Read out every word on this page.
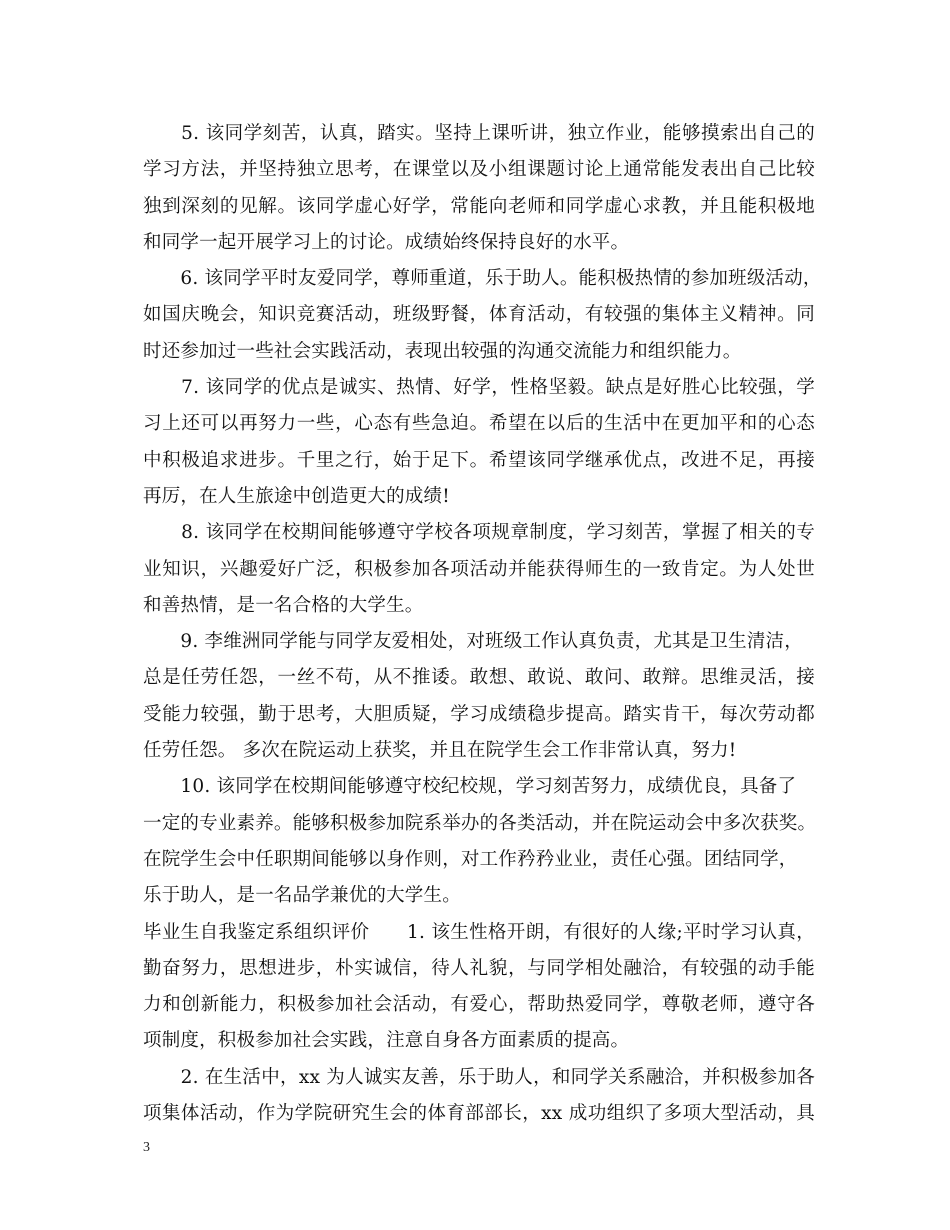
　　5. 该同学刻苦，认真，踏实。坚持上课听讲，独立作业，能够摸索出自己的
学习方法，并坚持独立思考，在课堂以及小组课题讨论上通常能发表出自己比较
独到深刻的见解。该同学虚心好学，常能向老师和同学虚心求教，并且能积极地
和同学一起开展学习上的讨论。成绩始终保持良好的水平。
　　6. 该同学平时友爱同学，尊师重道，乐于助人。能积极热情的参加班级活动，
如国庆晚会，知识竞赛活动，班级野餐，体育活动，有较强的集体主义精神。同
时还参加过一些社会实践活动，表现出较强的沟通交流能力和组织能力。
　　7. 该同学的优点是诚实、热情、好学，性格坚毅。缺点是好胜心比较强，学
习上还可以再努力一些，心态有些急迫。希望在以后的生活中在更加平和的心态
中积极追求进步。千里之行，始于足下。希望该同学继承优点，改进不足，再接
再厉，在人生旅途中创造更大的成绩!
　　8. 该同学在校期间能够遵守学校各项规章制度，学习刻苦，掌握了相关的专
业知识，兴趣爱好广泛，积极参加各项活动并能获得师生的一致肯定。为人处世
和善热情，是一名合格的大学生。
　　9. 李维洲同学能与同学友爱相处，对班级工作认真负责，尤其是卫生清洁，
总是任劳任怨，一丝不苟，从不推诿。敢想、敢说、敢问、敢辩。思维灵活，接
受能力较强，勤于思考，大胆质疑，学习成绩稳步提高。踏实肯干，每次劳动都
任劳任怨。 多次在院运动上获奖，并且在院学生会工作非常认真，努力!
　　10. 该同学在校期间能够遵守校纪校规，学习刻苦努力，成绩优良，具备了
一定的专业素养。能够积极参加院系举办的各类活动，并在院运动会中多次获奖。
在院学生会中任职期间能够以身作则，对工作矜矜业业，责任心强。团结同学，
乐于助人，是一名品学兼优的大学生。
毕业生自我鉴定系组织评价　　1. 该生性格开朗，有很好的人缘;平时学习认真，
勤奋努力，思想进步，朴实诚信，待人礼貌，与同学相处融洽，有较强的动手能
力和创新能力，积极参加社会活动，有爱心，帮助热爱同学，尊敬老师，遵守各
项制度，积极参加社会实践，注意自身各方面素质的提高。
　　2. 在生活中，xx 为人诚实友善，乐于助人，和同学关系融洽，并积极参加各
项集体活动，作为学院研究生会的体育部部长，xx 成功组织了多项大型活动，具
3
